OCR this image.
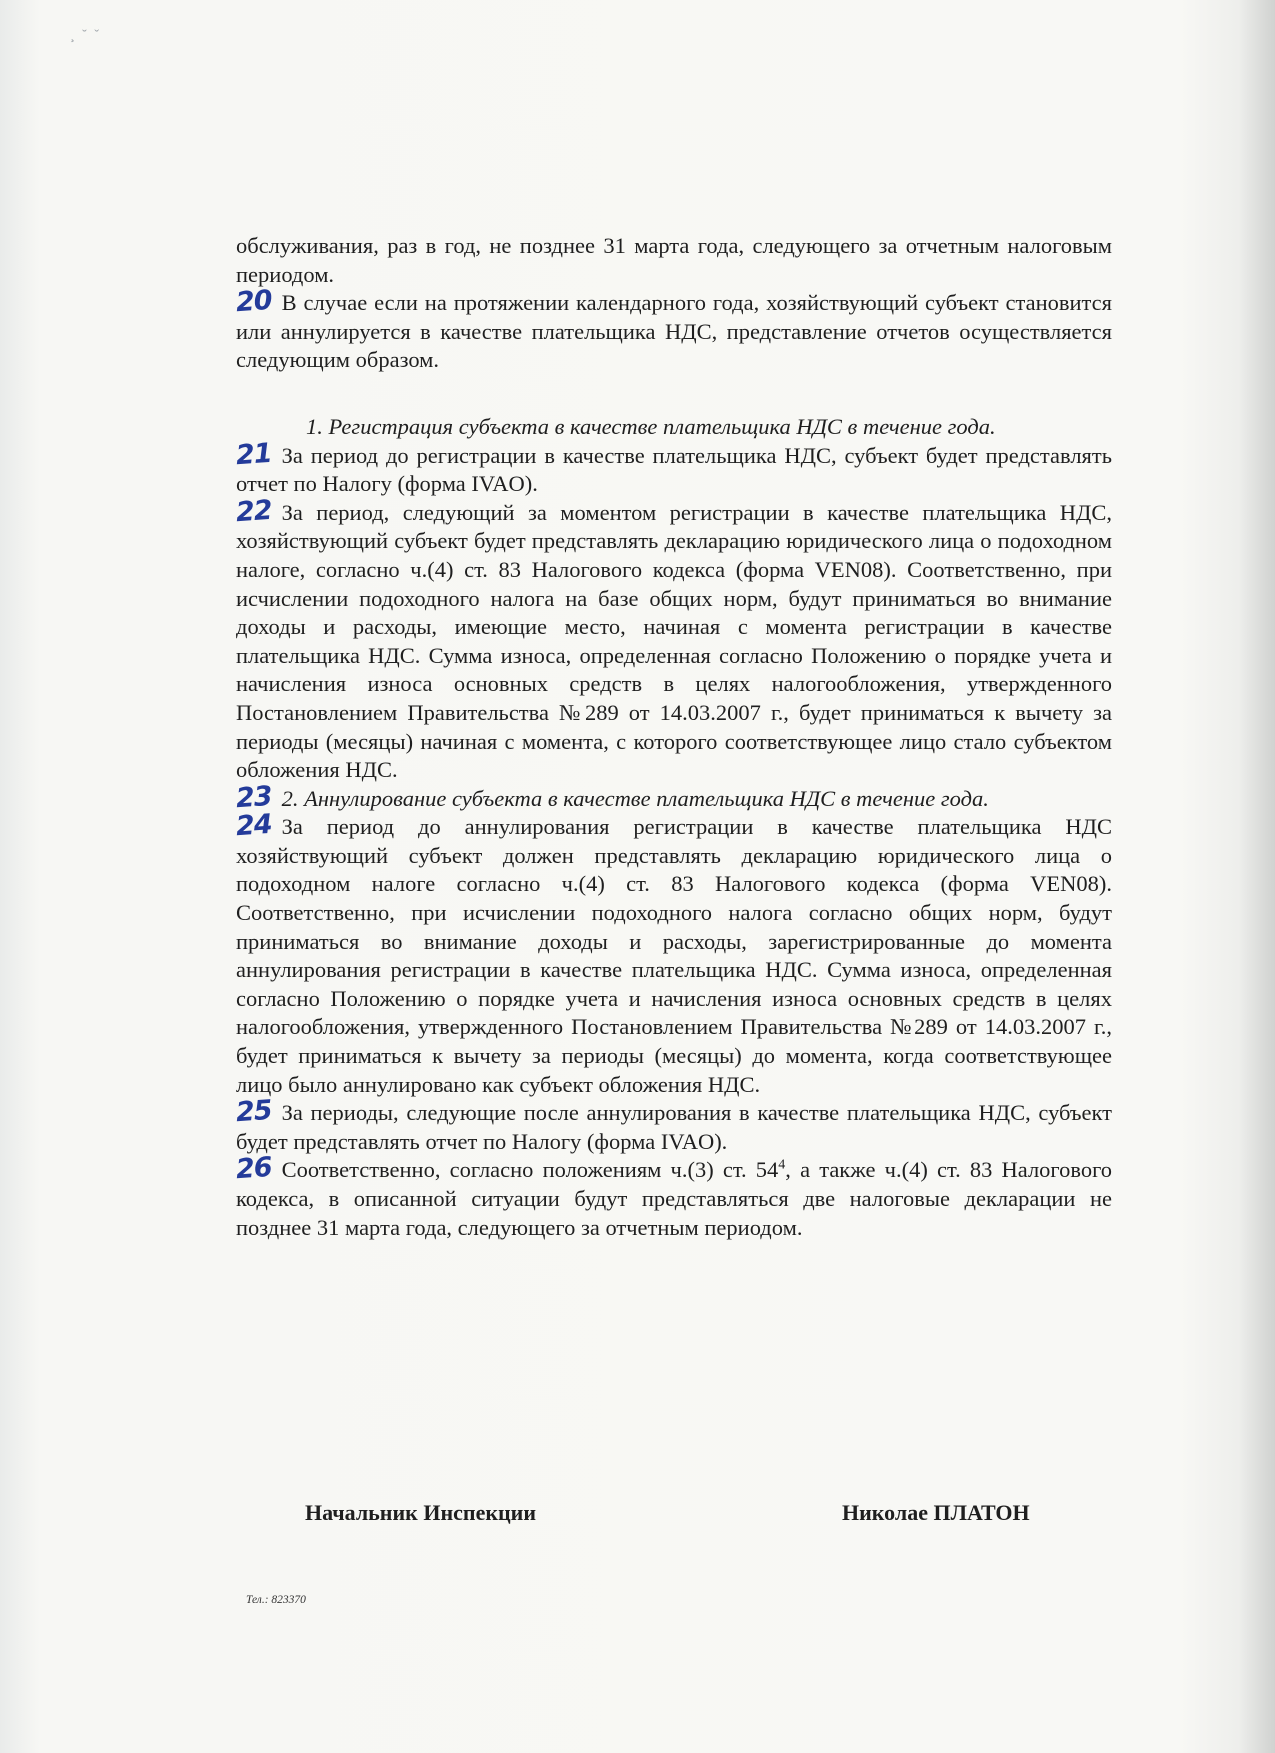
¸ ˘ ˇ

обслуживания, раз в год, не позднее 31 марта года, следующего за отчетным налоговым периодом.

20 В случае если на протяжении календарного года, хозяйствующий субъект становится или аннулируется в качестве плательщика НДС, представление отчетов осуществляется следующим образом.

1. Регистрация субъекта в качестве плательщика НДС в течение года.

21 За период до регистрации в качестве плательщика НДС, субъект будет представлять отчет по Налогу (форма IVAO).

22 За период, следующий за моментом регистрации в качестве плательщика НДС, хозяйствующий субъект будет представлять декларацию юридического лица о подоходном налоге, согласно ч.(4) ст. 83 Налогового кодекса (форма VEN08). Соответственно, при исчислении подоходного налога на базе общих норм, будут приниматься во внимание доходы и расходы, имеющие место, начиная с момента регистрации в качестве плательщика НДС. Сумма износа, определенная согласно Положению о порядке учета и начисления износа основных средств в целях налогообложения, утвержденного Постановлением Правительства №289 от 14.03.2007 г., будет приниматься к вычету за периоды (месяцы) начиная с момента, с которого соответствующее лицо стало субъектом обложения НДС.

23 2. Аннулирование субъекта в качестве плательщика НДС в течение года.

24 За период до аннулирования регистрации в качестве плательщика НДС хозяйствующий субъект должен представлять декларацию юридического лица о подоходном налоге согласно ч.(4) ст. 83 Налогового кодекса (форма VEN08). Соответственно, при исчислении подоходного налога согласно общих норм, будут приниматься во внимание доходы и расходы, зарегистрированные до момента аннулирования регистрации в качестве плательщика НДС. Сумма износа, определенная согласно Положению о порядке учета и начисления износа основных средств в целях налогообложения, утвержденного Постановлением Правительства №289 от 14.03.2007 г., будет приниматься к вычету за периоды (месяцы) до момента, когда соответствующее лицо было аннулировано как субъект обложения НДС.

25 За периоды, следующие после аннулирования в качестве плательщика НДС, субъект будет представлять отчет по Налогу (форма IVAO).

26 Соответственно, согласно положениям ч.(3) ст. $54^4$, а также ч.(4) ст. 83 Налогового кодекса, в описанной ситуации будут представляться две налоговые декларации не позднее 31 марта года, следующего за отчетным периодом.

Начальник Инспекции	Николае ПЛАТОН
Тел.: 823370
